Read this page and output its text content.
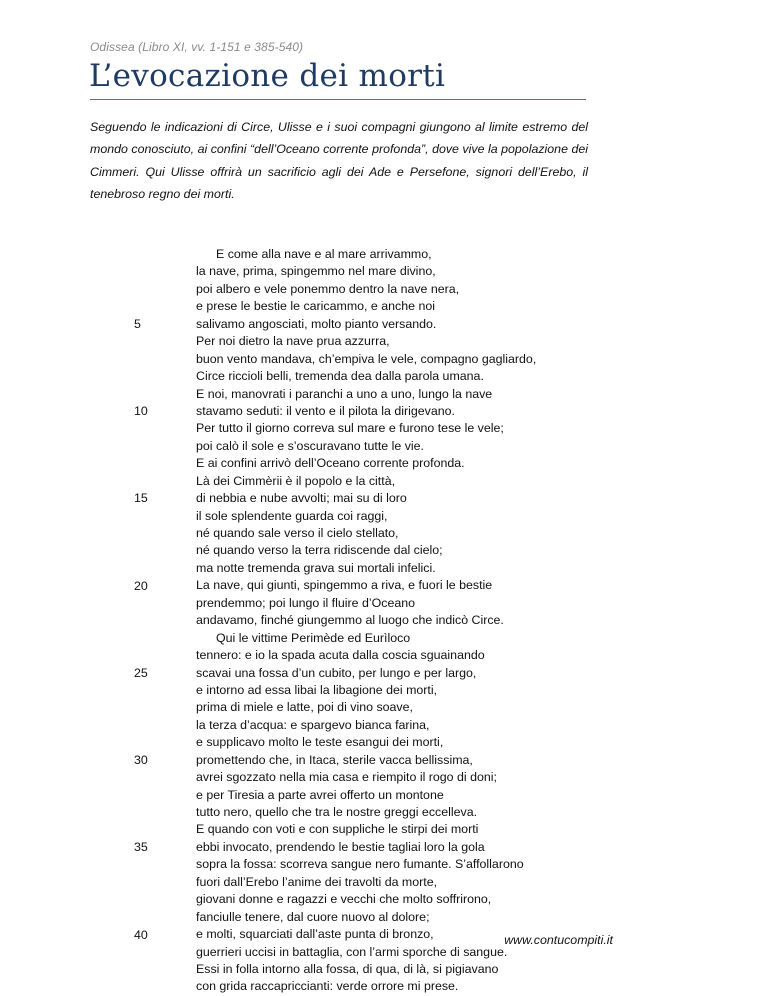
Odissea (Libro XI, vv. 1-151 e 385-540)
L’evocazione dei morti
Seguendo le indicazioni di Circe, Ulisse e i suoi compagni giungono al limite estremo del mondo conosciuto, ai confini “dell’Oceano corrente profonda”, dove vive la popolazione dei Cimmeri. Qui Ulisse offrirà un sacrificio agli dei Ade e Persefone, signori dell’Erebo, il tenebroso regno dei morti.
E come alla nave e al mare arrivammo,
la nave, prima, spingemmo nel mare divino,
poi albero e vele ponemmo dentro la nave nera,
e prese le bestie le caricammo, e anche noi
salivamo angosciati, molto pianto versando.
Per noi dietro la nave prua azzurra,
buon vento mandava, ch’empiva le vele, compagno gagliardo,
Circe riccioli belli, tremenda dea dalla parola umana.
E noi, manovrati i paranchi a uno a uno, lungo la nave
stavamo seduti: il vento e il pilota la dirigevano.
Per tutto il giorno correva sul mare e furono tese le vele;
poi calò il sole e s’oscuravano tutte le vie.
E ai confini arrivò dell’Oceano corrente profonda.
Là dei Cimmèrii è il popolo e la città,
di nebbia e nube avvolti; mai su di loro
il sole splendente guarda coi raggi,
né quando sale verso il cielo stellato,
né quando verso la terra ridiscende dal cielo;
ma notte tremenda grava sui mortali infelici.
La nave, qui giunti, spingemmo a riva, e fuori le bestie
prendemmo; poi lungo il fluire d’Oceano
andavamo, finché giungemmo al luogo che indicò Circe.
Qui le vittime Perimède ed Eurìloco
tennero: e io la spada acuta dalla coscia sguainando
scavai una fossa d’un cubito, per lungo e per largo,
e intorno ad essa libai la libagione dei morti,
prima di miele e latte, poi di vino soave,
la terza d’acqua: e spargevo bianca farina,
e supplicavo molto le teste esangui dei morti,
promettendo che, in Itaca, sterile vacca bellissima,
avrei sgozzato nella mia casa e riempito il rogo di doni;
e per Tiresia a parte avrei offerto un montone
tutto nero, quello che tra le nostre greggi eccelleva.
E quando con voti e con suppliche le stirpi dei morti
ebbi invocato, prendendo le bestie tagliai loro la gola
sopra la fossa: scorreva sangue nero fumante. S’affollarono
fuori dall’Erebo l’anime dei travolti da morte,
giovani donne e ragazzi e vecchi che molto soffrirono,
fanciulle tenere, dal cuore nuovo al dolore;
e molti, squarciati dall’aste punta di bronzo,
guerrieri uccisi in battaglia, con l’armi sporche di sangue.
Essi in folla intorno alla fossa, di qua, di là, si pigiavano
con grida raccapriccianti: verde orrore mi prese.
5
10
15
20
25
30
35
40	www.contucompiti.it
